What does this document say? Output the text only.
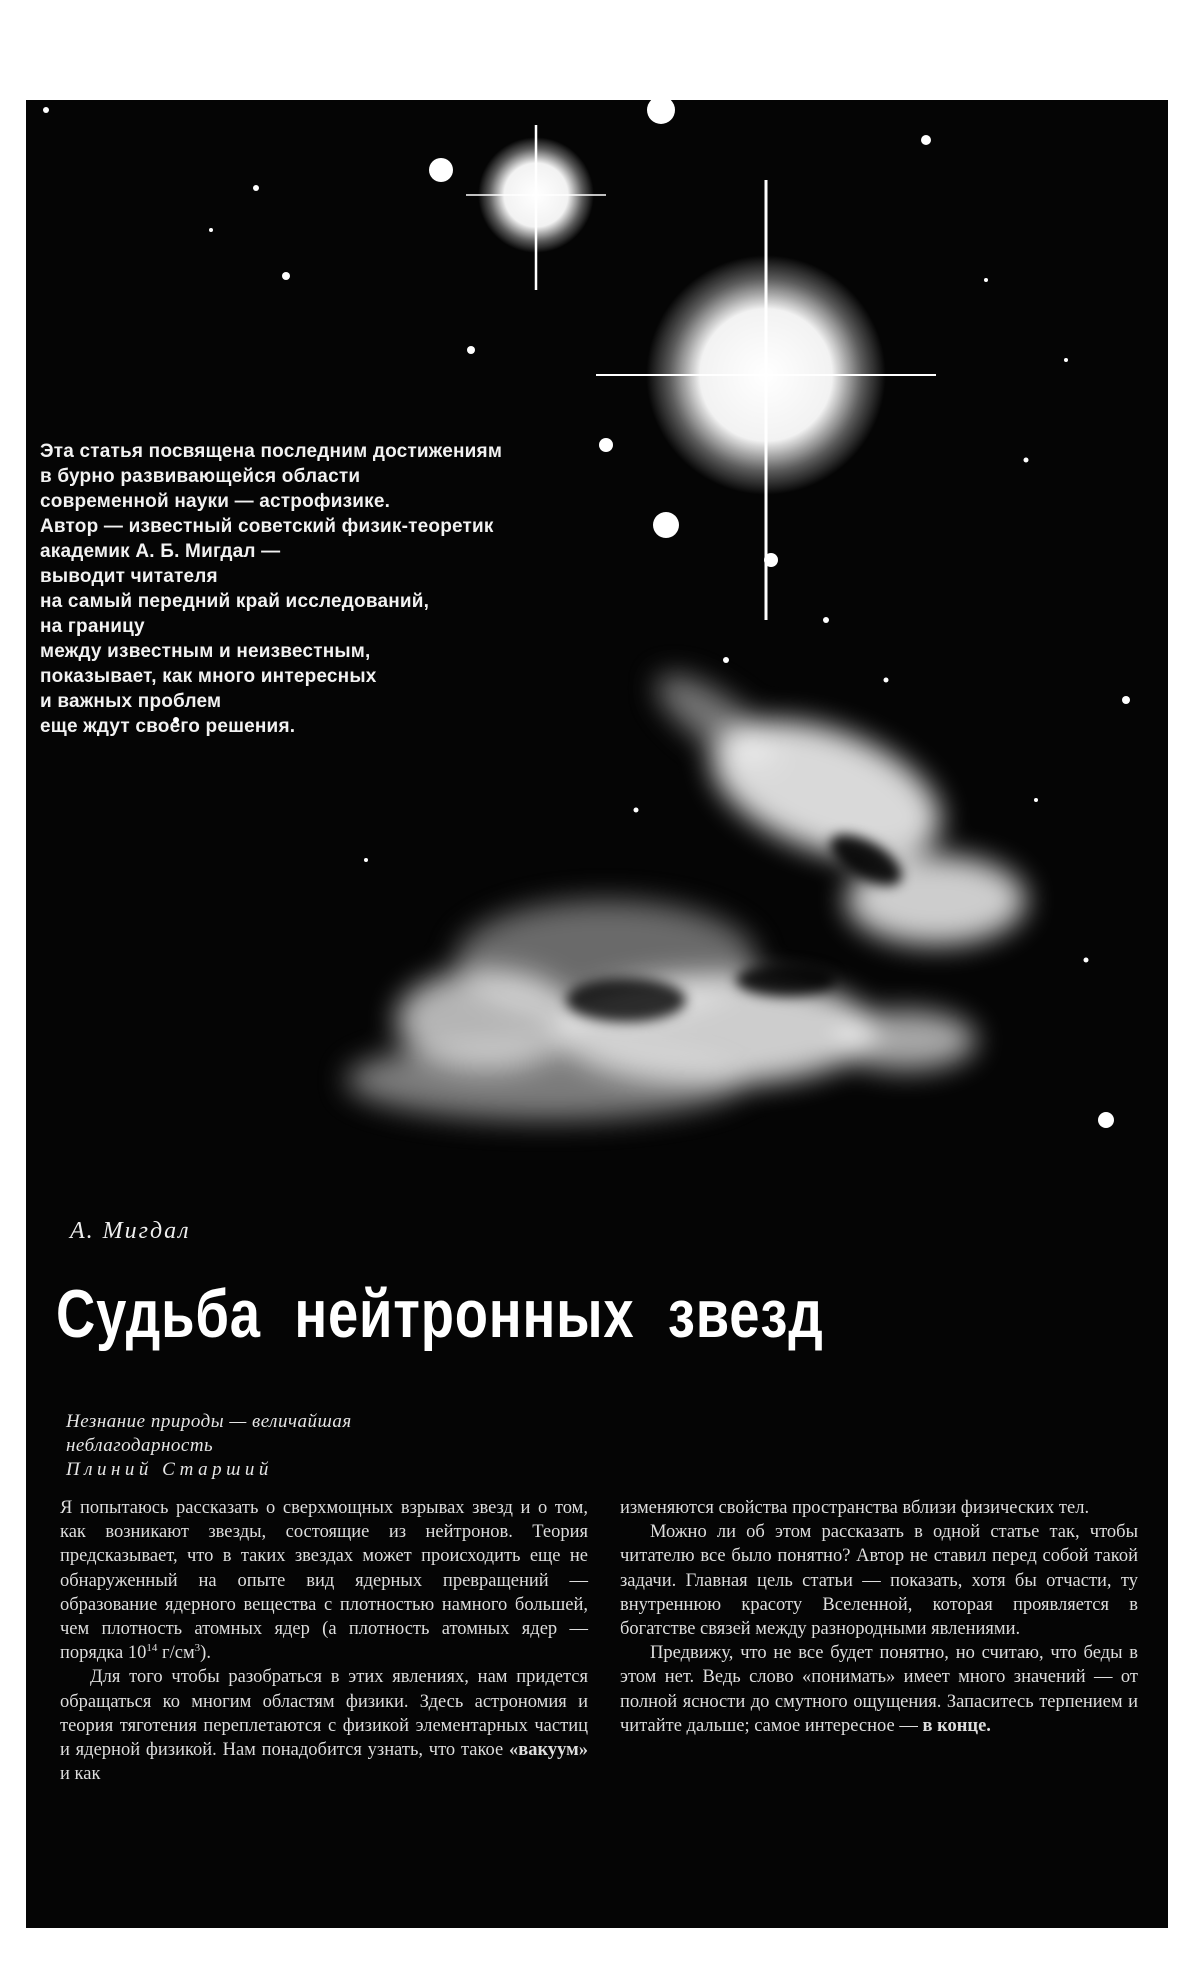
Эта статья посвящена последним достижениям
в бурно развивающейся области
современной науки — астрофизике.
Автор — известный советский физик-теоретик
академик А. Б. Мигдал —
выводит читателя
на самый передний край исследований,
на границу
между известным и неизвестным,
показывает, как много интересных
и важных проблем
еще ждут своего решения.
А. Мигдал
Судьба нейтронных звезд
Незнание природы — величайшая
неблагодарность
Плиний Старший

Я попытаюсь рассказать о сверхмощных взрывах звезд и о том, как возникают звезды, состоящие из нейтронов. Теория предсказывает, что в таких звездах может происходить еще не обнаруженный на опыте вид ядерных превращений — образование ядерного вещества с плотностью намного большей, чем плотность атомных ядер (а плотность атомных ядер — порядка $10^{14}$ $г/см^3$).

Для того чтобы разобраться в этих явлениях, нам придется обращаться ко многим областям физики. Здесь астрономия и теория тяготения переплетаются с физикой элементарных частиц и ядерной физикой. Нам понадобится узнать, что такое «вакуум» и как

изменяются свойства пространства вблизи физических тел.

Можно ли об этом рассказать в одной статье так, чтобы читателю все было понятно? Автор не ставил перед собой такой задачи. Главная цель статьи — показать, хотя бы отчасти, ту внутреннюю красоту Вселенной, которая проявляется в богатстве связей между разнородными явлениями.

Предвижу, что не все будет понятно, но считаю, что беды в этом нет. Ведь слово «понимать» имеет много значений — от полной ясности до смутного ощущения. Запаситесь терпением и читайте дальше; самое интересное — в конце.
